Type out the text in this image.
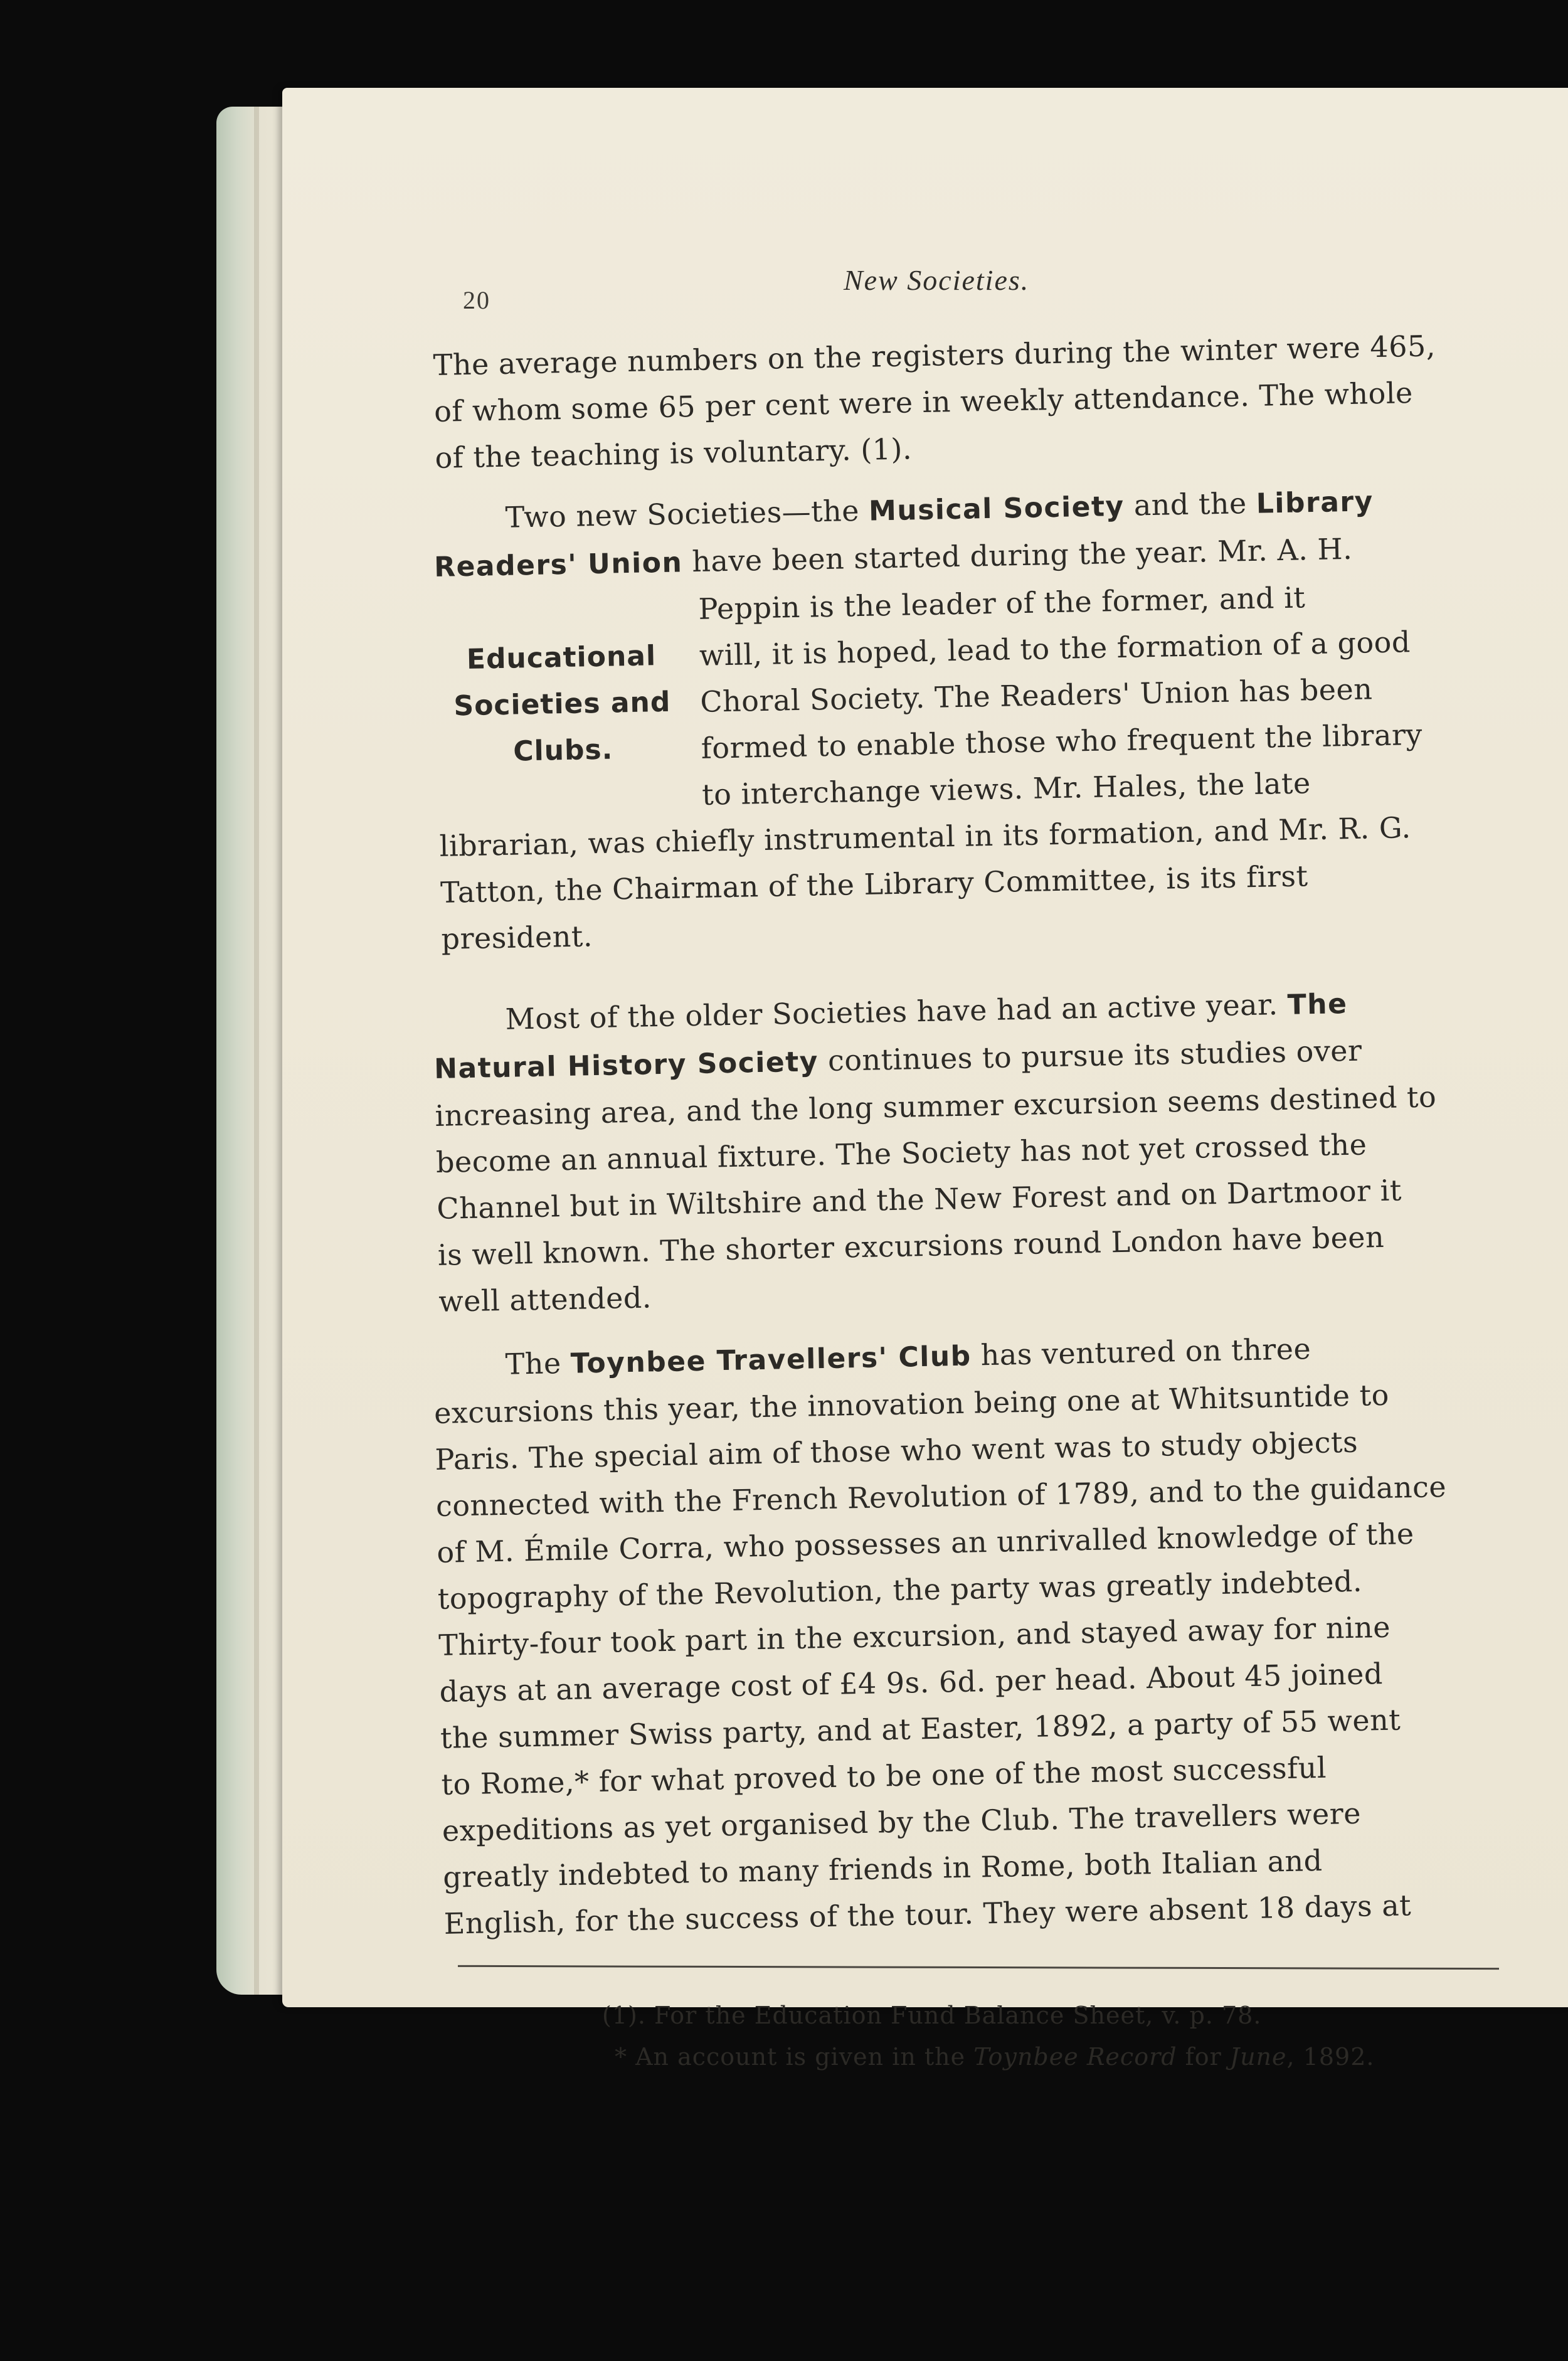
20
New Societies.
The average numbers on the registers during the winter were 465,
of whom some 65 per cent were in weekly attendance. The whole
of the teaching is voluntary. (1).
Two new Societies—the Musical Society and the Library
Readers' Union have been started during the year. Mr. A. H.
Educational
Societies and
Clubs.
Peppin is the leader of the former, and it
will, it is hoped, lead to the formation of a good
Choral Society. The Readers' Union has been
formed to enable those who frequent the library
to interchange views. Mr. Hales, the late
librarian, was chiefly instrumental in its formation, and Mr. R. G.
Tatton, the Chairman of the Library Committee, is its first
president.
Most of the older Societies have had an active year. The
Natural History Society continues to pursue its studies over
increasing area, and the long summer excursion seems destined to
become an annual fixture. The Society has not yet crossed the
Channel but in Wiltshire and the New Forest and on Dartmoor it
is well known. The shorter excursions round London have been
well attended.
The Toynbee Travellers' Club has ventured on three
excursions this year, the innovation being one at Whitsuntide to
Paris. The special aim of those who went was to study objects
connected with the French Revolution of 1789, and to the guidance
of M. Émile Corra, who possesses an unrivalled knowledge of the
topography of the Revolution, the party was greatly indebted.
Thirty-four took part in the excursion, and stayed away for nine
days at an average cost of £4 9s. 6d. per head. About 45 joined
the summer Swiss party, and at Easter, 1892, a party of 55 went
to Rome,* for what proved to be one of the most successful
expeditions as yet organised by the Club. The travellers were
greatly indebted to many friends in Rome, both Italian and
English, for the success of the tour. They were absent 18 days at
(1). For the Education Fund Balance Sheet, v. p. 78.
* An account is given in the Toynbee Record for June, 1892.
